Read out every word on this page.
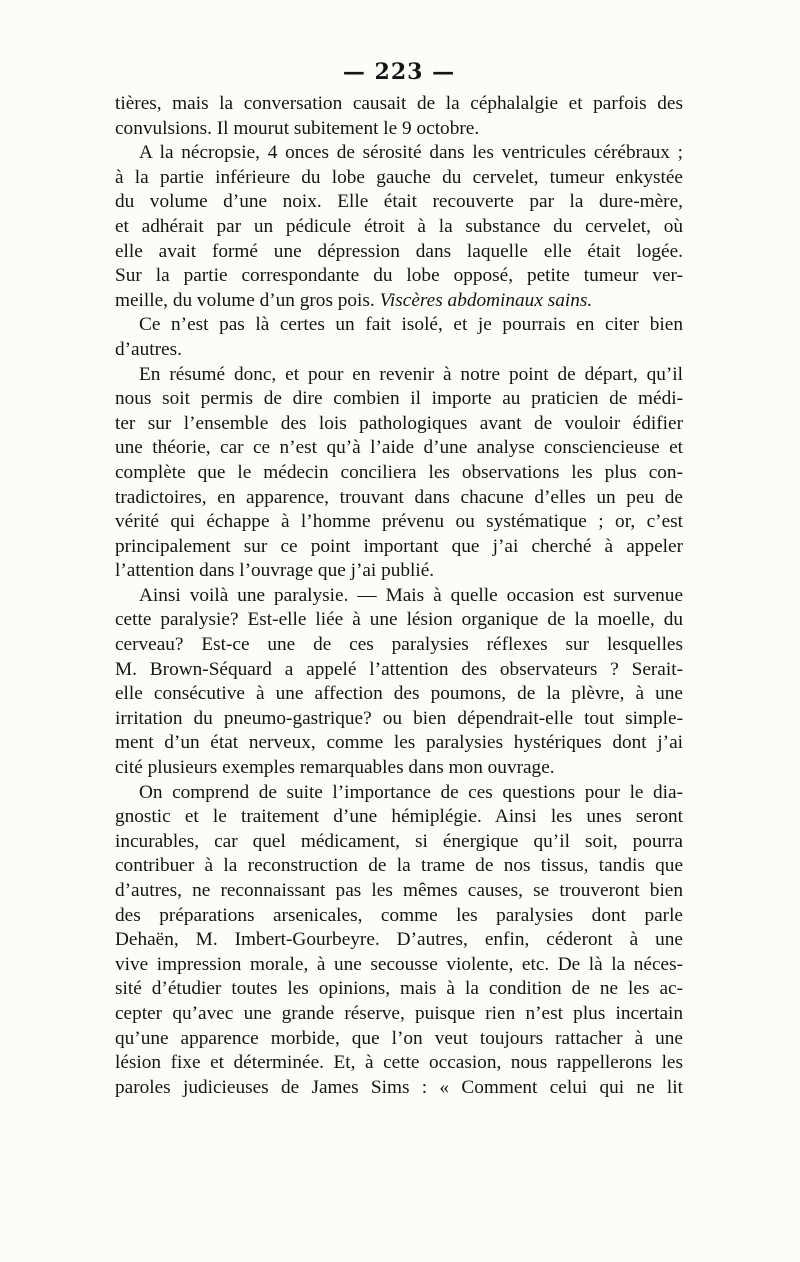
— 223 —
tières, mais la conversation causait de la céphalalgie et parfois des
convulsions. Il mourut subitement le 9 octobre.
A la nécropsie, 4 onces de sérosité dans les ventricules cérébraux ;
à la partie inférieure du lobe gauche du cervelet, tumeur enkystée
du volume d’une noix. Elle était recouverte par la dure-mère,
et adhérait par un pédicule étroit à la substance du cervelet, où
elle avait formé une dépression dans laquelle elle était logée.
Sur la partie correspondante du lobe opposé, petite tumeur ver-
meille, du volume d’un gros pois. Viscères abdominaux sains.
Ce n’est pas là certes un fait isolé, et je pourrais en citer bien
d’autres.
En résumé donc, et pour en revenir à notre point de départ, qu’il
nous soit permis de dire combien il importe au praticien de médi-
ter sur l’ensemble des lois pathologiques avant de vouloir édifier
une théorie, car ce n’est qu’à l’aide d’une analyse consciencieuse et
complète que le médecin conciliera les observations les plus con-
tradictoires, en apparence, trouvant dans chacune d’elles un peu de
vérité qui échappe à l’homme prévenu ou systématique ; or, c’est
principalement sur ce point important que j’ai cherché à appeler
l’attention dans l’ouvrage que j’ai publié.
Ainsi voilà une paralysie. — Mais à quelle occasion est survenue
cette paralysie? Est-elle liée à une lésion organique de la moelle, du
cerveau? Est-ce une de ces paralysies réflexes sur lesquelles
M. Brown-Séquard a appelé l’attention des observateurs ? Serait-
elle consécutive à une affection des poumons, de la plèvre, à une
irritation du pneumo-gastrique? ou bien dépendrait-elle tout simple-
ment d’un état nerveux, comme les paralysies hystériques dont j’ai
cité plusieurs exemples remarquables dans mon ouvrage.
On comprend de suite l’importance de ces questions pour le dia-
gnostic et le traitement d’une hémiplégie. Ainsi les unes seront
incurables, car quel médicament, si énergique qu’il soit, pourra
contribuer à la reconstruction de la trame de nos tissus, tandis que
d’autres, ne reconnaissant pas les mêmes causes, se trouveront bien
des préparations arsenicales, comme les paralysies dont parle
Dehaën, M. Imbert-Gourbeyre. D’autres, enfin, céderont à une
vive impression morale, à une secousse violente, etc. De là la néces-
sité d’étudier toutes les opinions, mais à la condition de ne les ac-
cepter qu’avec une grande réserve, puisque rien n’est plus incertain
qu’une apparence morbide, que l’on veut toujours rattacher à une
lésion fixe et déterminée. Et, à cette occasion, nous rappellerons les
paroles judicieuses de James Sims : « Comment celui qui ne lit
